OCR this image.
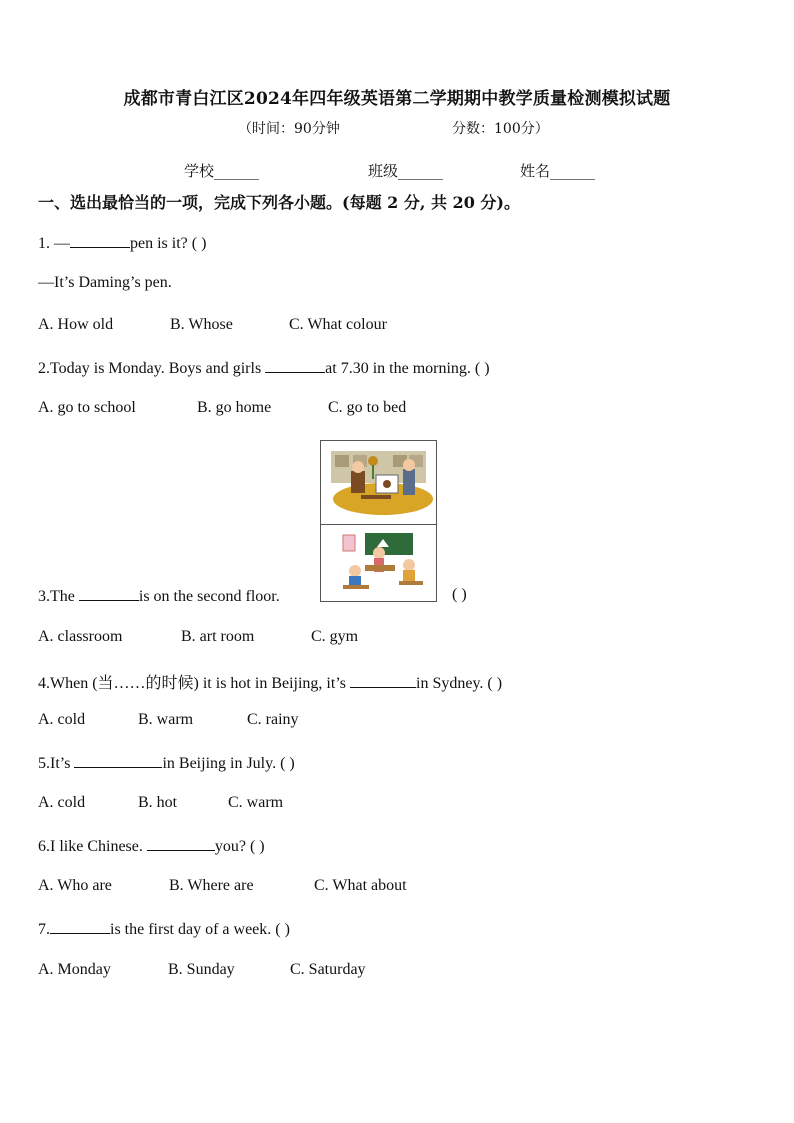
成都市青白江区2024年四年级英语第二学期期中教学质量检测模拟试题
（时间：90分钟	分数：100分）
学校______	班级______	姓名______
一、选出最恰当的一项，完成下列各小题。(每题 2 分, 共 20 分)。
1. —	pen is it? ( )
—It’s Daming’s pen.
A. How old	B. Whose	C. What colour
2.Today is Monday. Boys and girls	at 7.30 in the morning. ( )
A. go to school	B. go home	C. go to bed
3.The	is on the second floor.	( )
A. classroom	B. art room	C. gym
4.When (当……的时候) it is hot in Beijing, it’s	in Sydney. ( )
A. cold	B. warm	C. rainy
5.It’s	in Beijing in July. ( )
A. cold	B. hot	C. warm
6.I like Chinese.	you? ( )
A. Who are	B. Where are	C. What about
7.	is the first day of a week. ( )
A. Monday	B. Sunday	C. Saturday
